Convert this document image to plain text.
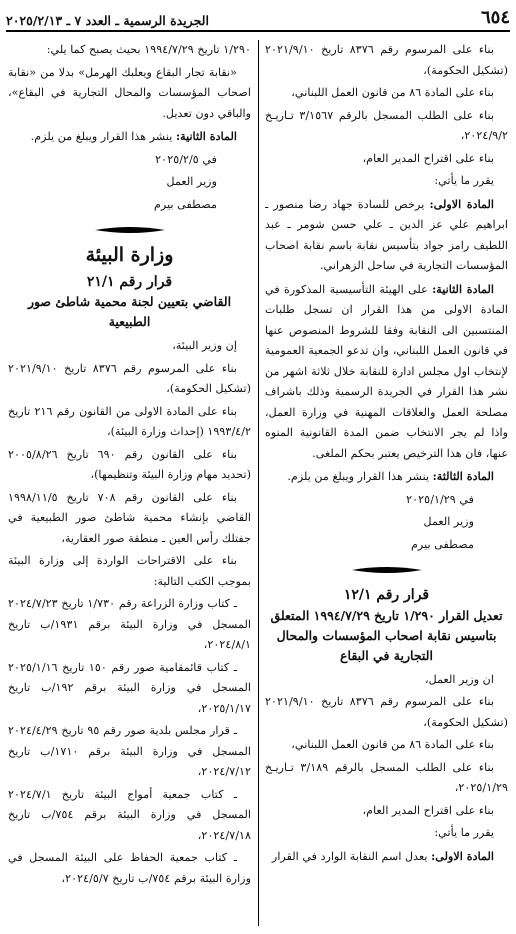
٦٥٤
الجريدة الرسمية ـ العدد ٧ ـ ٢٠٢٥/٢/١٣

بناء على المرسوم رقم ٨٣٧٦ تاريخ ٢٠٢١/٩/١٠ (تشكيل الحكومة)،

بناء على المادة ٨٦ من قانون العمل اللبناني،

بناء على الطلب المسجل بالرقم ٣/١٥٦٧ تـاريـخ ٢٠٢٤/٩/٢،

بناء على اقتراح المدير العام،

يقرر ما يأتي:

المادة الاولى: يرخص للسادة جهاد رضا منصور ـ ابراهيم علي عز الدين ـ علي حسن شومر ـ عبد اللطيف رامز جواد بتأسيس نقابة باسم نقابة اصحاب المؤسسات التجارية في ساحل الزهراني.

المادة الثانية: على الهيئة التأسيسية المذكورة في المادة الاولى من هذا القرار ان تسجل طلبات المنتسبين الى النقابة وفقا للشروط المنصوص عنها في قانون العمل اللبناني، وان تدعو الجمعية العمومية لإنتخاب اول مجلس ادارة للنقابة خلال ثلاثة اشهر من نشر هذا القرار في الجريدة الرسمية وذلك باشراف مصلحة العمل والعلاقات المهنية في وزارة العمل، واذا لم يجر الانتخاب ضمن المدة القانونية المنوه عنها، فان هذا الترخيص يعتبر بحكم الملغى.

المادة الثالثة: ينشر هذا القرار ويبلغ من يلزم.

في ٢٠٢٥/١/٢٩

وزير العمل

مصطفى بيرم

قرار رقم ١٢/١
تعديل القرار ١/٢٩٠ تاريخ ١٩٩٤/٧/٢٩ المتعلق بتاسيس نقابة اصحاب المؤسسات والمحال التجارية في البقاع

ان وزير العمل،

بناء على المرسوم رقم ٨٣٧٦ تاريخ ٢٠٢١/٩/١٠ (تشكيل الحكومة)،

بناء على المادة ٨٦ من قانون العمل اللبناني،

بناء على الطلب المسجل بالرقم ٣/١٨٩ تـاريـخ ٢٠٢٥/١/٢٩،

بناء على اقتراح المدير العام،

يقرر ما يأتي:

المادة الاولى: يعدل اسم النقابة الوارد في القرار

١/٢٩٠ تاريخ ١٩٩٤/٧/٢٩ بحيث يصبح كما يلي:

«نقابة تجار البقاع ويعلبك الهرمل» بدلا من «نقابة اصحاب المؤسسات والمحال التجارية في البقاع»، والباقي دون تعديل.

المادة الثانية: ينشر هذا القرار ويبلغ من يلزم.

في ٢٠٢٥/٢/٥

وزير العمل

مصطفى بيرم

وزارة البيئة
قرار رقم ٢١/١
القاضي بتعيين لجنة محمية شاطئ صور الطبيعية

إن وزير البيئة،

بناء على المرسوم رقم ٨٣٧٦ تاريخ ٢٠٢١/٩/١٠ (تشكيل الحكومة)،

بناء على المادة الاولى من القانون رقم ٢١٦ تاريخ ١٩٩٣/٤/٢ (إحداث وزارة البيئة)،

بناء على القانون رقم ٦٩٠ تاريخ ٢٠٠٥/٨/٢٦ (تحديد مهام وزارة البيئة وتنظيمها)،

بناء على القانون رقم ٧٠٨ تاريخ ١٩٩٨/١١/٥ القاضي بإنشاء محمية شاطئ صور الطبيعية في جفتلك رأس العين ـ منطقة صور العقارية،

بناء على الاقتراحات الواردة إلى وزارة البيئة بموجب الكتب التالية:

ـ كتاب وزارة الزراعة رقم ١/٧٣٠ تاريخ ٢٠٢٤/٧/٢٣ المسجل في وزارة البيئة برقم ١٩٣١/ب تاريخ ٢٠٢٤/٨/١،

ـ كتاب قائمقامية صور رقم ١٥٠ تاريخ ٢٠٢٥/١/١٦ المسجل في وزارة البيئة برقم ١٩٢/ب تاريخ ٢٠٢٥/١/١٧،

ـ قرار مجلس بلدية صور رقم ٩٥ تاريخ ٢٠٢٤/٤/٢٩ المسجل في وزارة البيئة برقم ١٧١٠/ب تاريخ ٢٠٢٤/٧/١٢،

ـ كتاب جمعية أمواج البيئة تاريخ ٢٠٢٤/٧/١ المسجل في وزارة البيئة برقم ٧٥٤/ب تاريخ ٢٠٢٤/٧/١٨،

ـ كتاب جمعية الحفاظ على البيئة المسجل في وزارة البيئة برقم ٧٥٤/ب تاريخ ٢٠٢٤/٥/٧،
